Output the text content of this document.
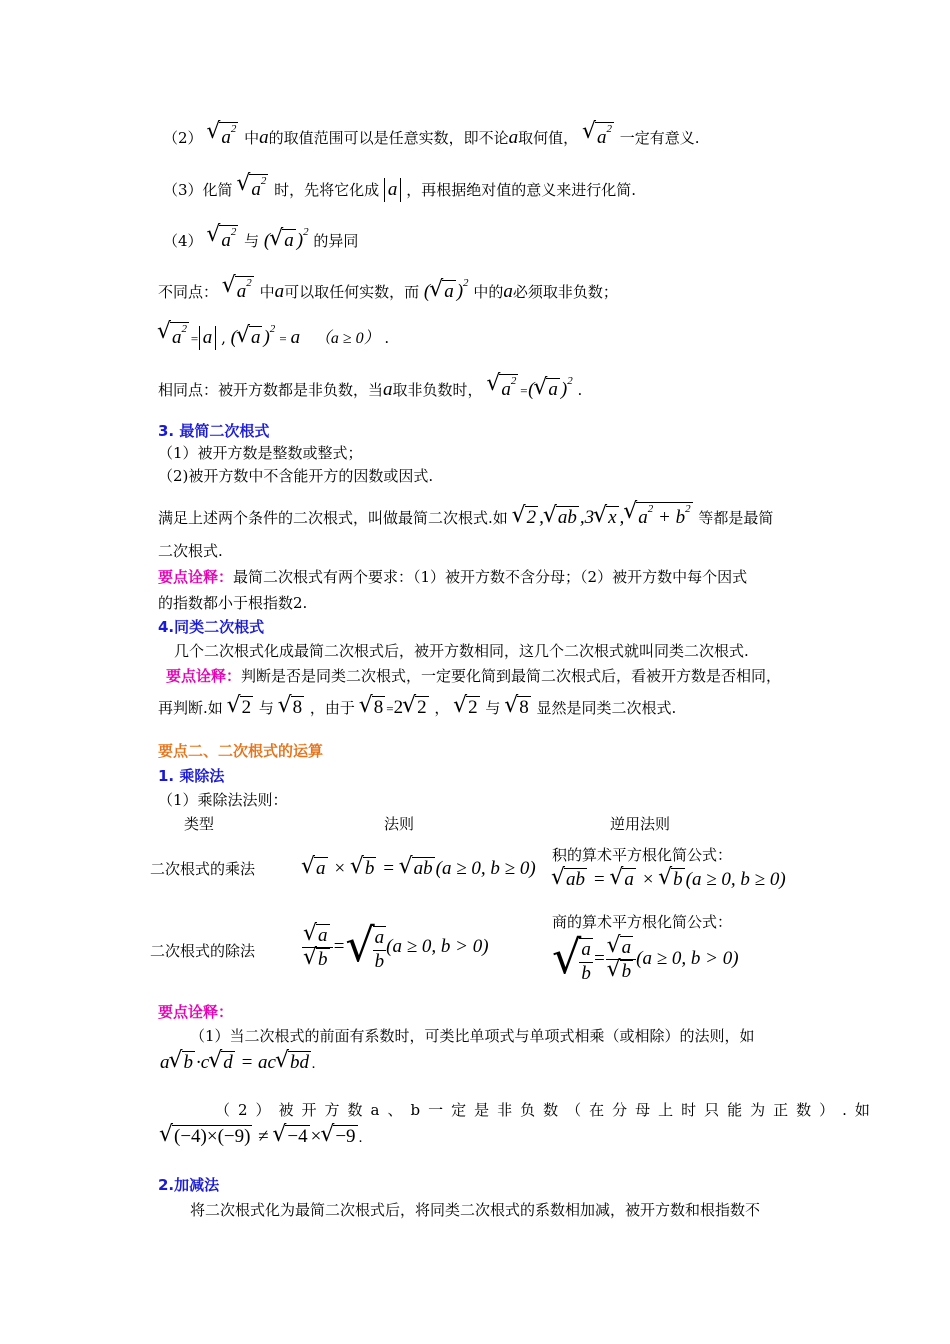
（2） √ $a^2$ 中a的取值范围可以是任意实数，即不论a取何值， √ $a^2$ 一定有意义.
（3）化简 √ $a^2$ 时，先将它化成 a ，再根据绝对值的意义来进行化简.
（4） √ $a^2$ 与 (√ a )$^2$ 的异同
不同点： √ $a^2$ 中a可以取任何实数，而 (√ a )$^2$ 中的a必须取非负数；
√ $a^2= a$ , (√ a )$^2$ = a （a ≥ 0） .
相同点：被开方数都是非负数，当a取非负数时， √ $a^2=(√$ a )$^2$ .
3. 最简二次根式
（1）被开方数是整数或整式；
（2)被开方数中不含能开方的因数或因式.
满足上述两个条件的二次根式，叫做最简二次根式.如 √ 2 ,√ ab ,3√ x ,√ $a^2 + b^2$ 等都是最简
二次根式.
要点诠释：最简二次根式有两个要求：（1）被开方数不含分母；（2）被开方数中每个因式
的指数都小于根指数2.
4.同类二次根式
几个二次根式化成最简二次根式后，被开方数相同，这几个二次根式就叫同类二次根式.
要点诠释：判断是否是同类二次根式，一定要化简到最简二次根式后，看被开方数是否相同，
再判断.如 √ 2 与 √ 8 ，由于 √ 8 =2√ 2 ， √ 2 与 √ 8 显然是同类二次根式.
要点二、二次根式的运算
1. 乘除法
（1）乘除法法则：
类型	法则	逆用法则
二次根式的乘法
√	a × √ b = √ ab (a ≥ 0, b ≥ 0)
积的算术平方根化简公式：
√ ab = √ a × √ b (a ≥ 0, b ≥ 0)
二次根式的除法
√ a
√ b = √
$\frac{a}{b} (a \ge 0$, b > 0)
商的算术平方根化简公式：
√
$\frac{a}{b}$ =
√ a
√ b (a ≥ 0, b > 0)
要点诠释：
（1）当二次根式的前面有系数时，可类比单项式与单项式相乘（或相除）的法则，如
a√ b ·c√ d = ac√ bd .
（2）被开方数a、b一定是非负数（在分母上时只能为正数）.如
√ (−4)×(−9) ≠ √ −4 ×√ −9 .
2.加减法
将二次根式化为最简二次根式后，将同类二次根式的系数相加减，被开方数和根指数不
